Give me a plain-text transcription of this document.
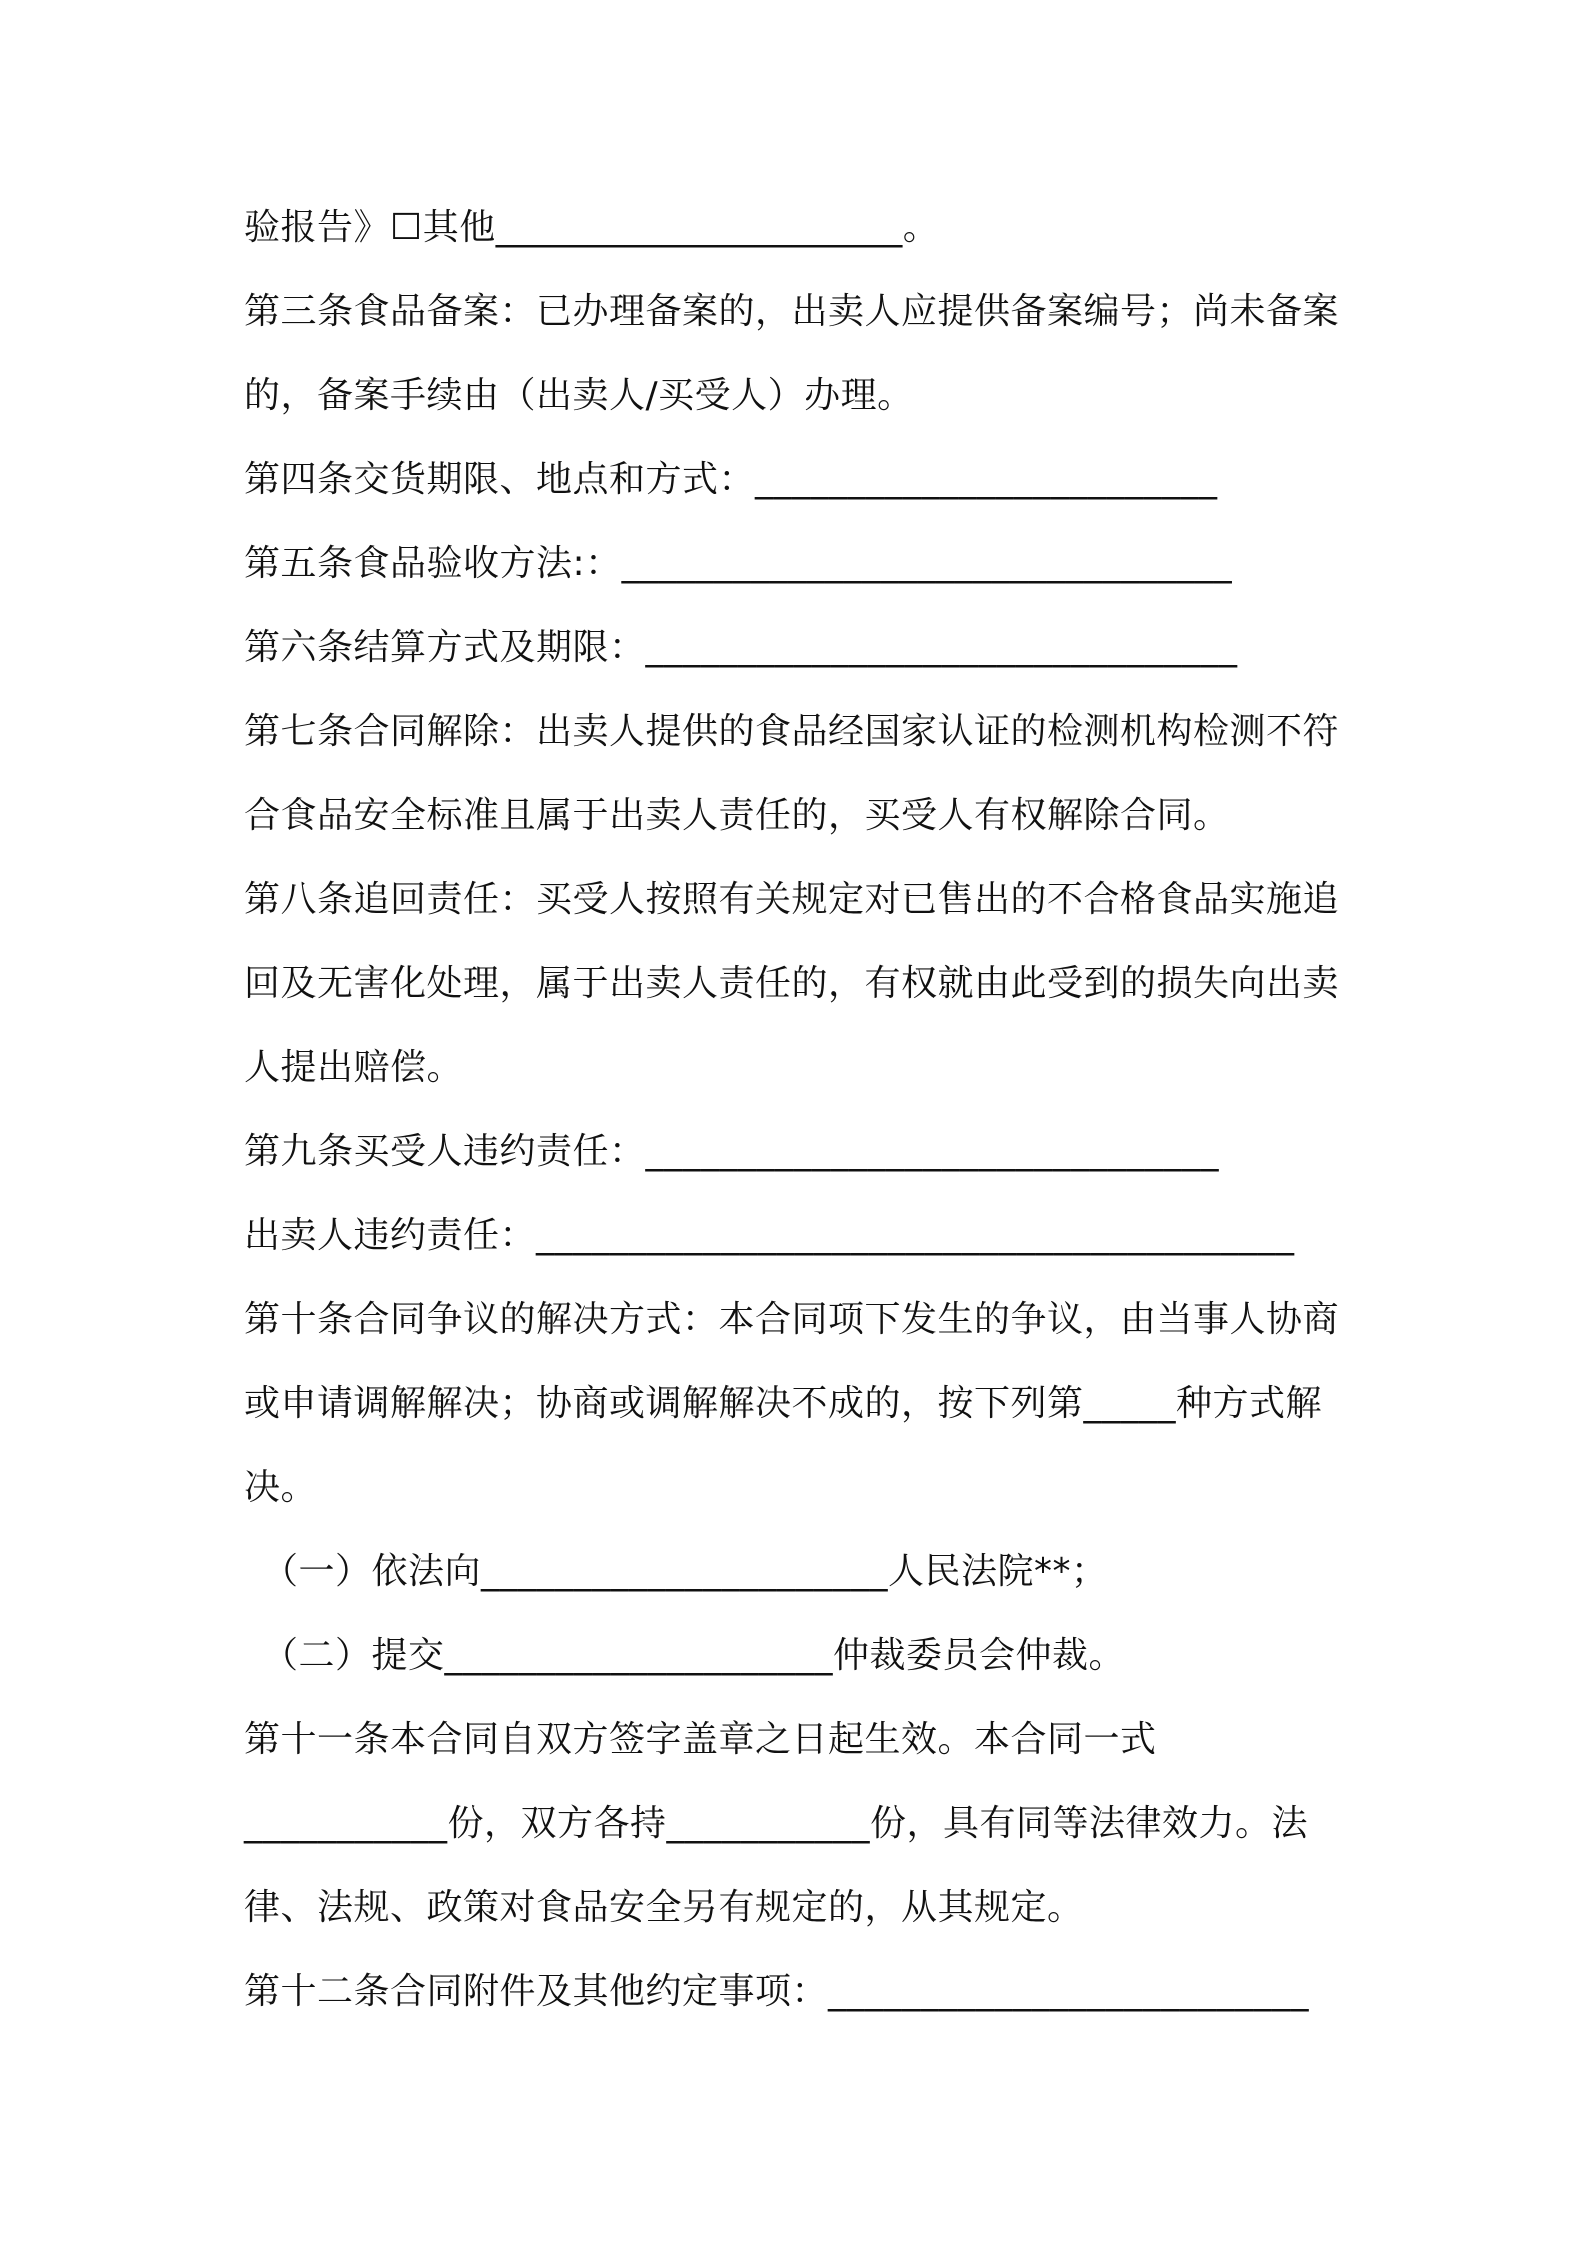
验报告》☐其他______________________。
第三条食品备案：已办理备案的，出卖人应提供备案编号；尚未备案
的，备案手续由（出卖人/买受人）办理。
第四条交货期限、地点和方式：_________________________
第五条食品验收方法:：_________________________________
第六条结算方式及期限：________________________________
第七条合同解除：出卖人提供的食品经国家认证的检测机构检测不符
合食品安全标准且属于出卖人责任的，买受人有权解除合同。
第八条追回责任：买受人按照有关规定对已售出的不合格食品实施追
回及无害化处理，属于出卖人责任的，有权就由此受到的损失向出卖
人提出赔偿。
第九条买受人违约责任：_______________________________
出卖人违约责任：_________________________________________
第十条合同争议的解决方式：本合同项下发生的争议，由当事人协商
或申请调解解决；协商或调解解决不成的，按下列第_____种方式解
决。
（一）依法向______________________人民法院**；
（二）提交_____________________仲裁委员会仲裁。
第十一条本合同自双方签字盖章之日起生效。本合同一式
___________份，双方各持___________份，具有同等法律效力。法
律、法规、政策对食品安全另有规定的，从其规定。
第十二条合同附件及其他约定事项：__________________________
